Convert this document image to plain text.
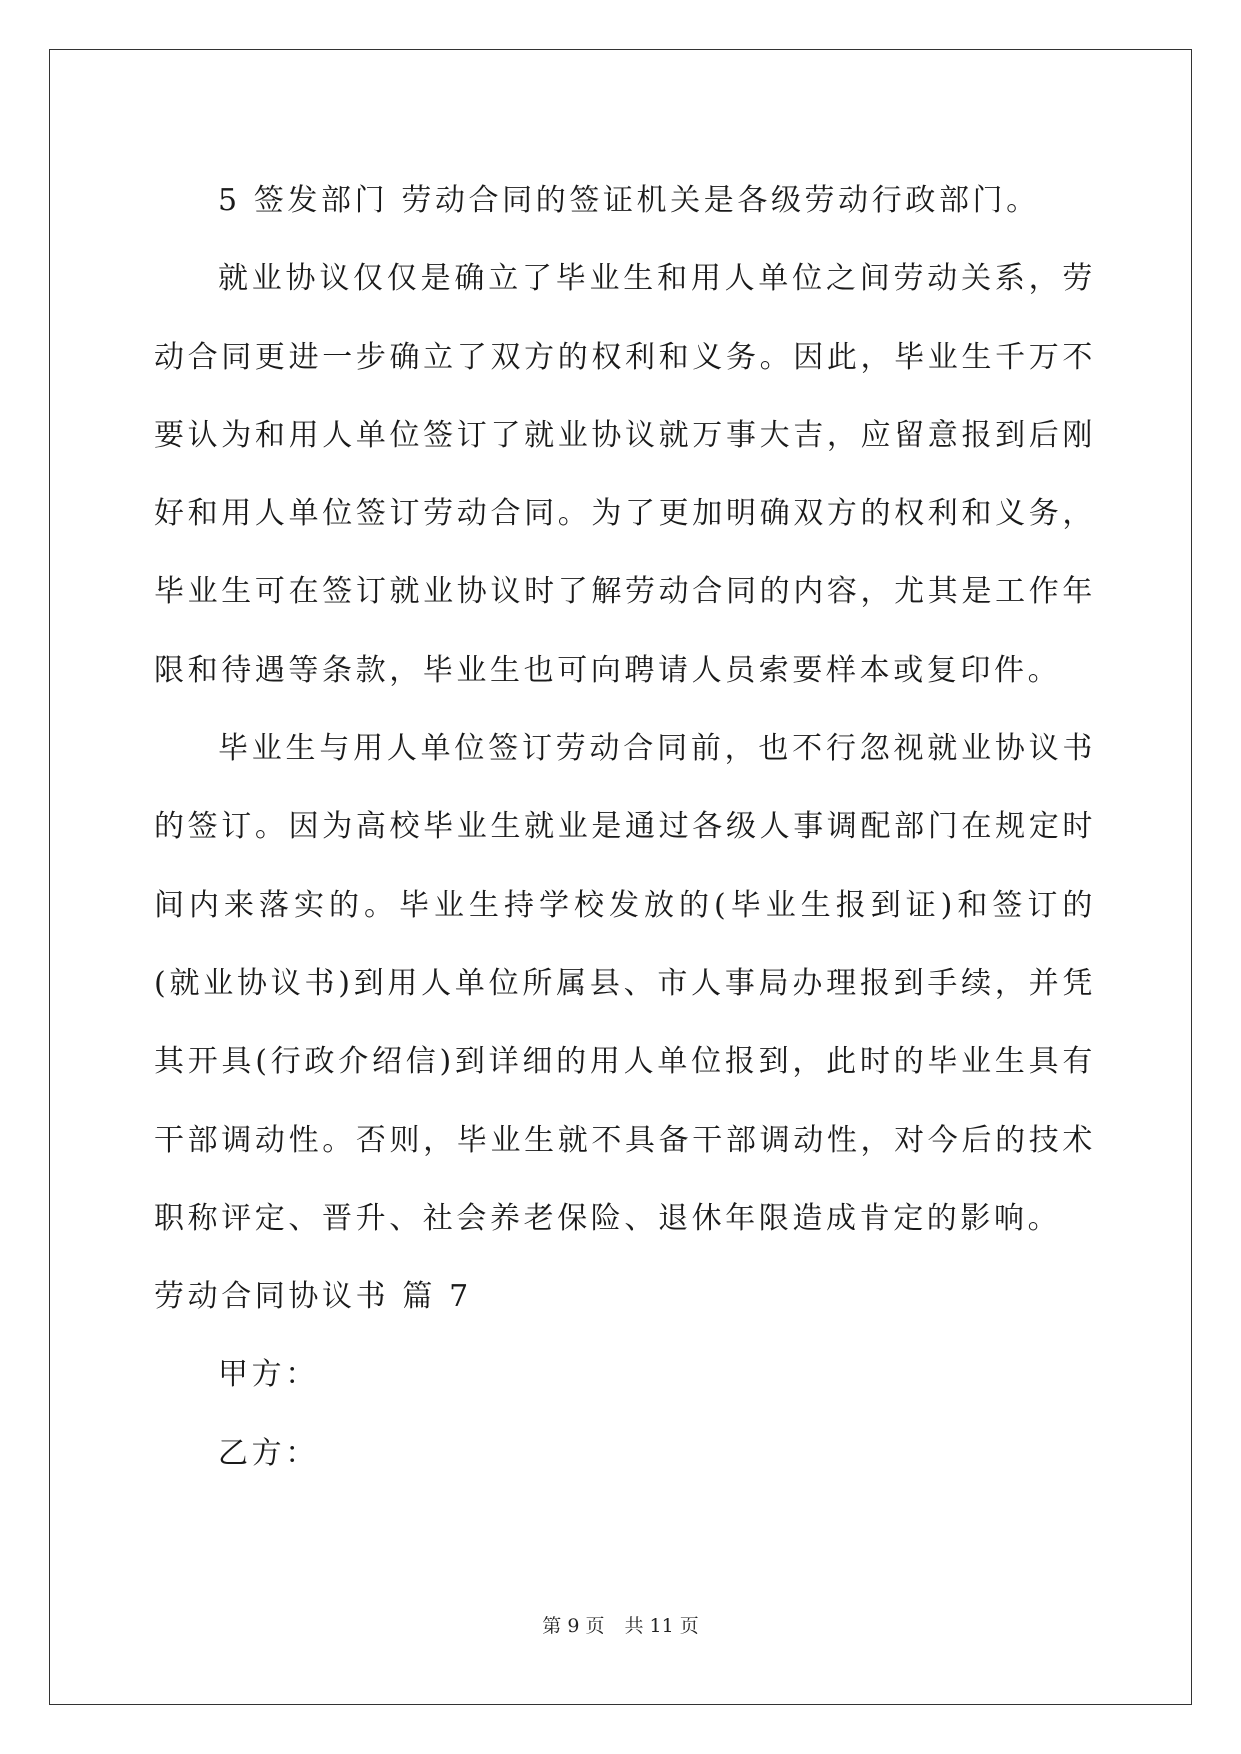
5 签发部门 劳动合同的签证机关是各级劳动行政部门。

就业协议仅仅是确立了毕业生和用人单位之间劳动关系，劳动合同更进一步确立了双方的权利和义务。因此，毕业生千万不要认为和用人单位签订了就业协议就万事大吉，应留意报到后刚好和用人单位签订劳动合同。为了更加明确双方的权利和义务，毕业生可在签订就业协议时了解劳动合同的内容，尤其是工作年限和待遇等条款，毕业生也可向聘请人员索要样本或复印件。

毕业生与用人单位签订劳动合同前，也不行忽视就业协议书的签订。因为高校毕业生就业是通过各级人事调配部门在规定时间内来落实的。毕业生持学校发放的(毕业生报到证)和签订的(就业协议书)到用人单位所属县、市人事局办理报到手续，并凭其开具(行政介绍信)到详细的用人单位报到，此时的毕业生具有干部调动性。否则，毕业生就不具备干部调动性，对今后的技术职称评定、晋升、社会养老保险、退休年限造成肯定的影响。

劳动合同协议书 篇 7

甲方：

乙方：

第 9 页 共 11 页
